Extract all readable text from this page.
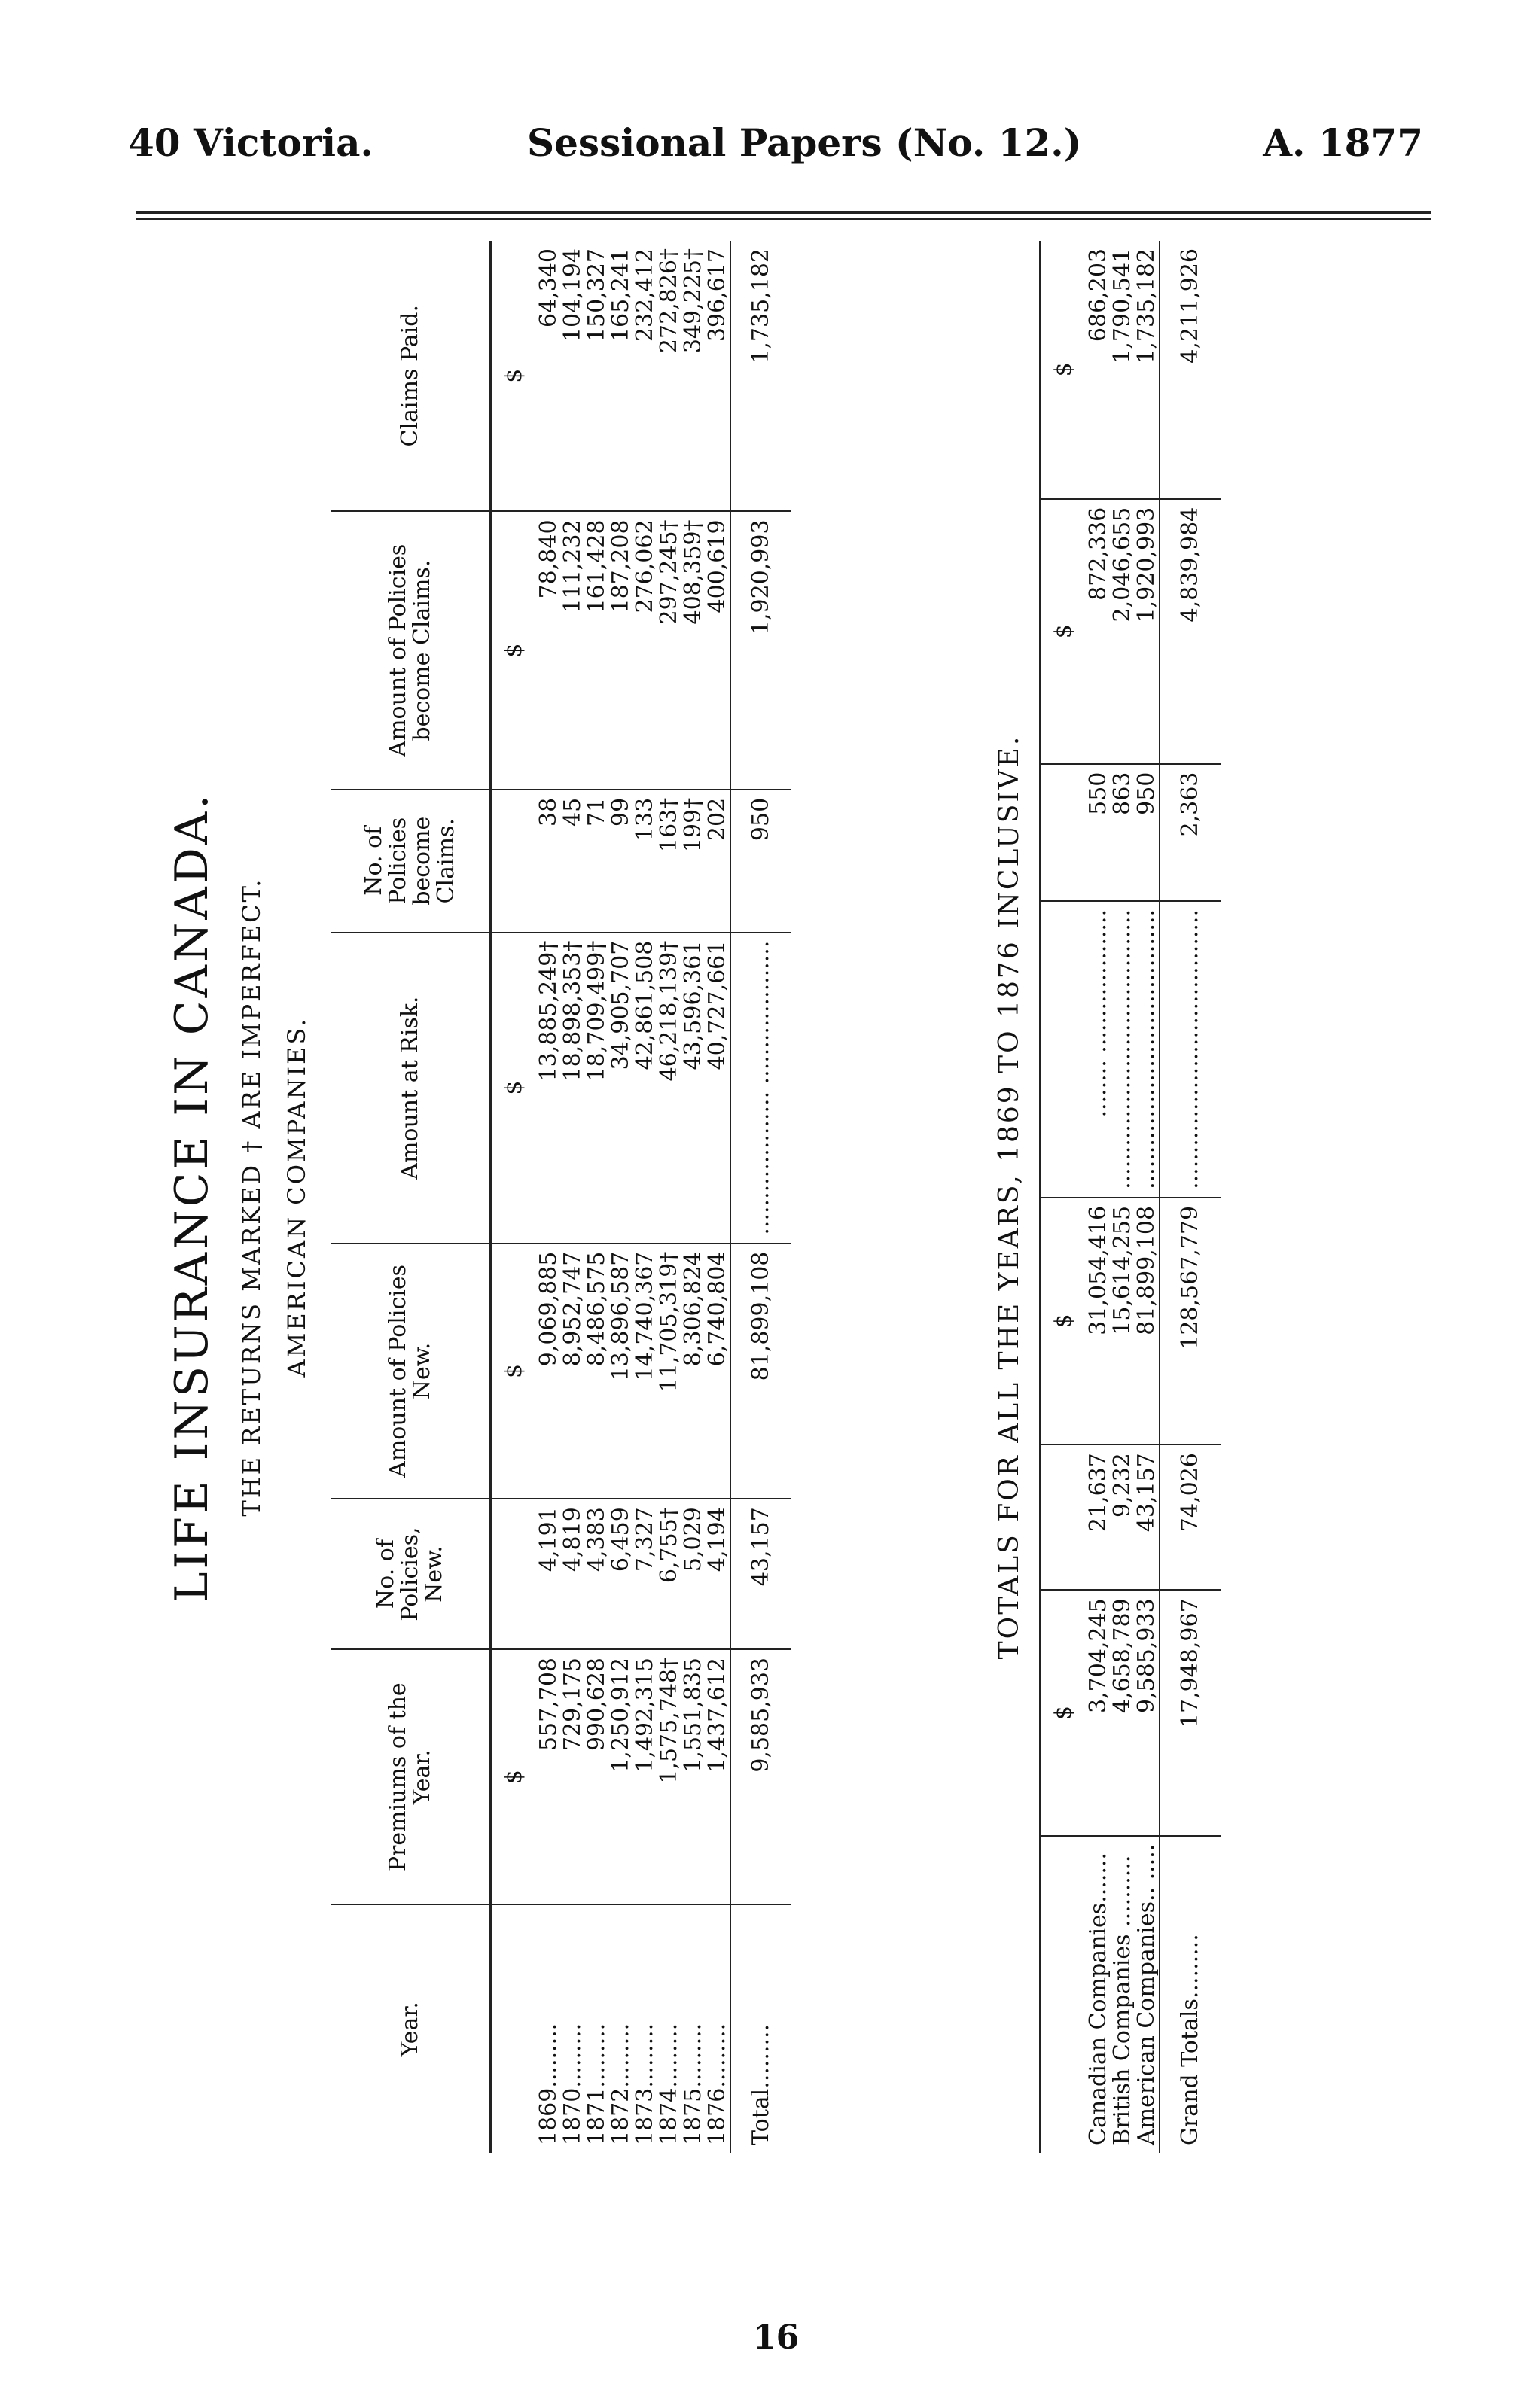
40 Victoria.	Sessional Papers (No. 12.)	A. 1877
LIFE INSURANCE IN CANADA. THE RETURNS MARKED † ARE IMPERFECT. AMERICAN COMPANIES.
Year.	Premiums of the Year.	No. of Policies, New.	Amount of Policies New.	Amount at Risk.	No. of Policies become Claims.	Amount of Policies become Claims.	Claims Paid.
	$		$	$		$	$
1869.........	557,708	4,191	9,069,885	13,885,249†	38	78,840	64,340
1870.........	729,175	4,819	8,952,747	18,898,353†	45	111,232	104,194
1871.........	990,628	4,383	8,486,575	18,709,499†	71	161,428	150,327
1872.........	1,250,912	6,459	13,896,587	34,905,707	99	187,208	165,241
1873.........	1,492,315	7,327	14,740,367	42,861,508	133	276,062	232,412
1874.........	1,575,748†	6,755†	11,705,319†	46,218,139†	163†	297,245†	272,826†
1875.........	1,551,835	5,029	8,306,824	43,596,361	199†	408,359†	349,225†
1876.........	1,437,612	4,194	6,740,804	40,727,661	202	400,619	396,617
Total.........	9,585,933	43,157	81,899,108	.................... ....................	950	1,920,993	1,735,182
TOTALS FOR ALL THE YEARS, 1869 TO 1876 INCLUSIVE.
	$		$			$	$
Canadian Companies.......	3,704,245	21,637	31,054,416	........ ....................	550	872,336	686,203
British Companies ..........	4,658,789	9,232	15,614,255	.......................................	863	2,046,655	1,790,541
American Companies.. .....	9,585,933	43,157	81,899,108	.......................................	950	1,920,993	1,735,182
Grand Totals.........	17,948,967	74,026	128,567,779	.......................................	2,363	4,839,984	4,211,926
16
